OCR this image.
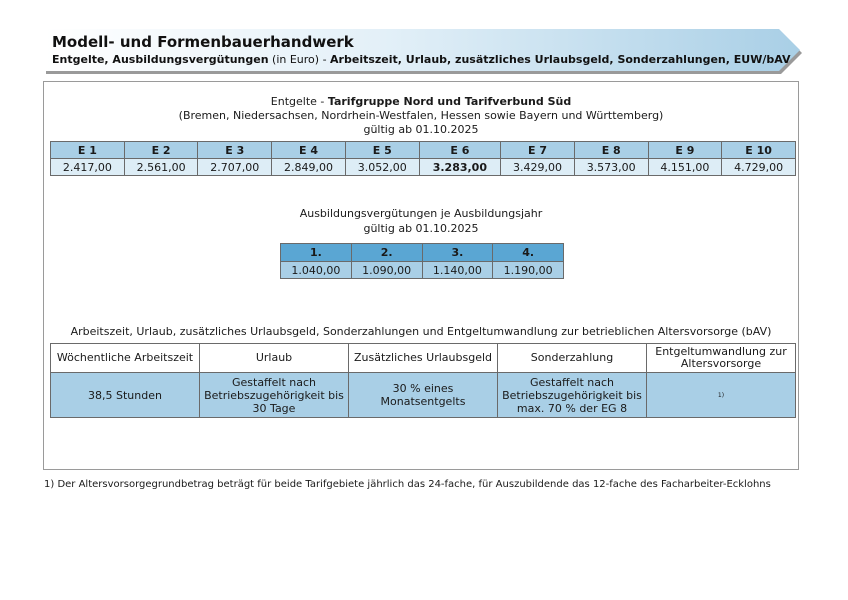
Modell- und Formenbauerhandwerk
Entgelte, Ausbildungsvergütungen (in Euro) - Arbeitszeit, Urlaub, zusätzliches Urlaubsgeld, Sonderzahlungen, EUW/bAV
Entgelte - Tarifgruppe Nord und Tarifverbund Süd
(Bremen, Niedersachsen, Nordrhein-Westfalen, Hessen sowie Bayern und Württemberg)
gültig ab 01.10.2025
E 1	E 2	E 3	E 4	E 5	E 6	E 7	E 8	E 9	E 10
2.417,00	2.561,00	2.707,00	2.849,00	3.052,00	3.283,00	3.429,00	3.573,00	4.151,00	4.729,00
Ausbildungsvergütungen je Ausbildungsjahr
gültig ab 01.10.2025
1.	2.	3.	4.
1.040,00	1.090,00	1.140,00	1.190,00
Arbeitszeit, Urlaub, zusätzliches Urlaubsgeld, Sonderzahlungen und Entgeltumwandlung zur betrieblichen Altersvorsorge (bAV)
Wöchentliche Arbeitszeit	Urlaub	Zusätzliches Urlaubsgeld	Sonderzahlung	Entgeltumwandlung zur Altersvorsorge
38,5 Stunden	Gestaffelt nach Betriebszugehörigkeit bis 30 Tage	30 % eines Monatsentgelts	Gestaffelt nach Betriebszugehörigkeit bis max. 70 % der EG 8	1)
1) Der Altersvorsorgegrundbetrag beträgt für beide Tarifgebiete jährlich das 24-fache, für Auszubildende das 12-fache des Facharbeiter-Ecklohns
